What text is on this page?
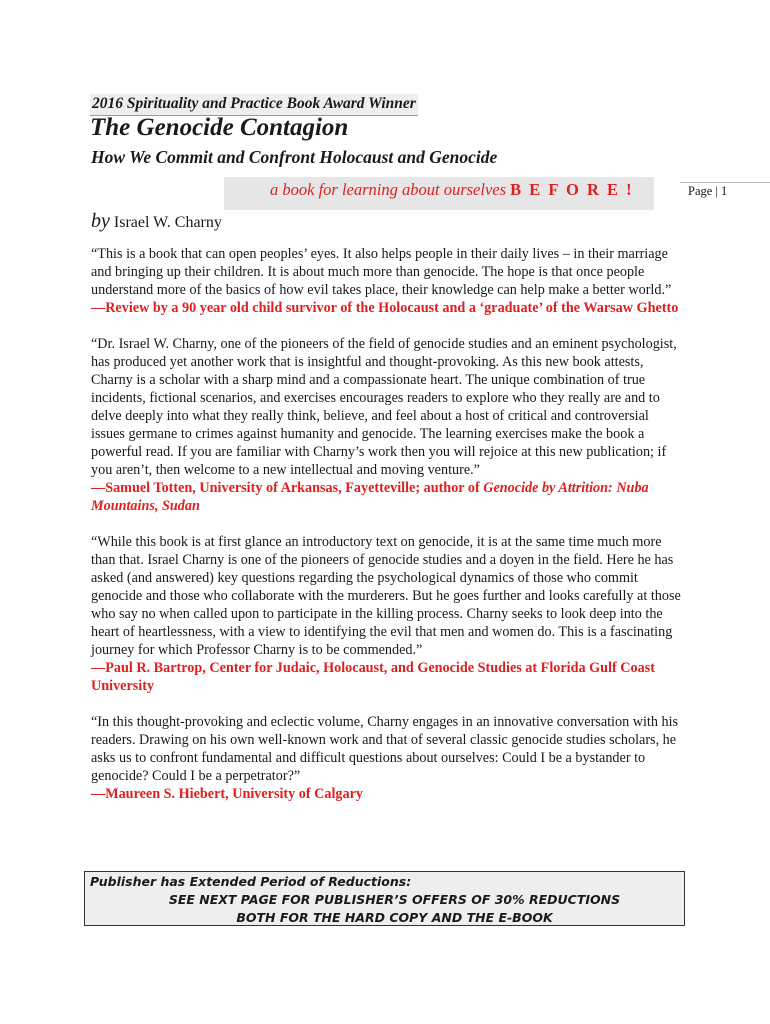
2016 Spirituality and Practice Book Award Winner
The Genocide Contagion
How We Commit and Confront Holocaust and Genocide
a book for learning about ourselves B E F O R E !	Page | 1
by Israel W. Charny

“This is a book that can open peoples’ eyes. It also helps people in their daily lives – in their marriage and bringing up their children. It is about much more than genocide. The hope is that once people understand more of the basics of how evil takes place, their knowledge can help make a better world.”
—Review by a 90 year old child survivor of the Holocaust and a ‘graduate’ of the Warsaw Ghetto

“Dr. Israel W. Charny, one of the pioneers of the field of genocide studies and an eminent psychologist, has produced yet another work that is insightful and thought-provoking. As this new book attests, Charny is a scholar with a sharp mind and a compassionate heart. The unique combination of true incidents, fictional scenarios, and exercises encourages readers to explore who they really are and to delve deeply into what they really think, believe, and feel about a host of critical and controversial issues germane to crimes against humanity and genocide. The learning exercises make the book a powerful read. If you are familiar with Charny’s work then you will rejoice at this new publication; if you aren’t, then welcome to a new intellectual and moving venture.”
—Samuel Totten, University of Arkansas, Fayetteville; author of Genocide by Attrition: Nuba Mountains, Sudan

“While this book is at first glance an introductory text on genocide, it is at the same time much more than that. Israel Charny is one of the pioneers of genocide studies and a doyen in the field. Here he has asked (and answered) key questions regarding the psychological dynamics of those who commit genocide and those who collaborate with the murderers. But he goes further and looks carefully at those who say no when called upon to participate in the killing process. Charny seeks to look deep into the heart of heartlessness, with a view to identifying the evil that men and women do. This is a fascinating journey for which Professor Charny is to be commended.”
—Paul R. Bartrop, Center for Judaic, Holocaust, and Genocide Studies at Florida Gulf Coast University

“In this thought-provoking and eclectic volume, Charny engages in an innovative conversation with his readers. Drawing on his own well-known work and that of several classic genocide studies scholars, he asks us to confront fundamental and difficult questions about ourselves: Could I be a bystander to genocide? Could I be a perpetrator?”
—Maureen S. Hiebert, University of Calgary

Publisher has Extended Period of Reductions:
SEE NEXT PAGE FOR PUBLISHER’S OFFERS OF 30% REDUCTIONS
BOTH FOR THE HARD COPY AND THE E-BOOK
